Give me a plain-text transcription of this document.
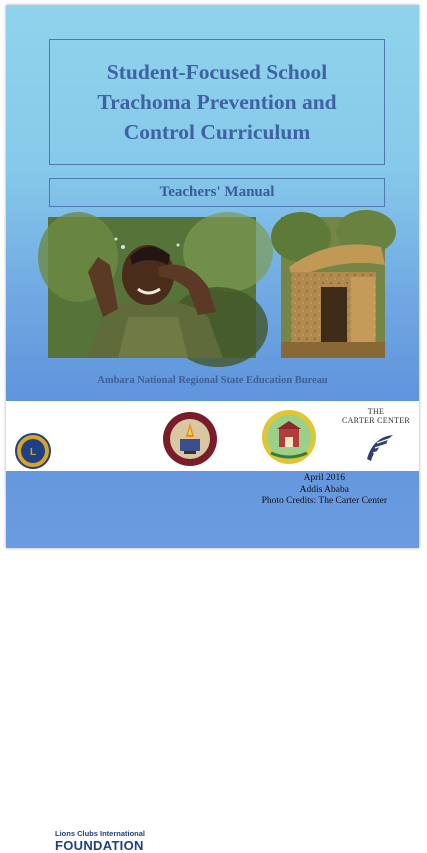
Student-Focused School
Trachoma Prevention and
Control Curriculum
Teachers' Manual
Ambara National Regional State Education Bureau
L
Lions Clubs International
FOUNDATION
THE
CARTER CENTER
April 2016
Addis Ababa
Photo Credits: The Carter Center
